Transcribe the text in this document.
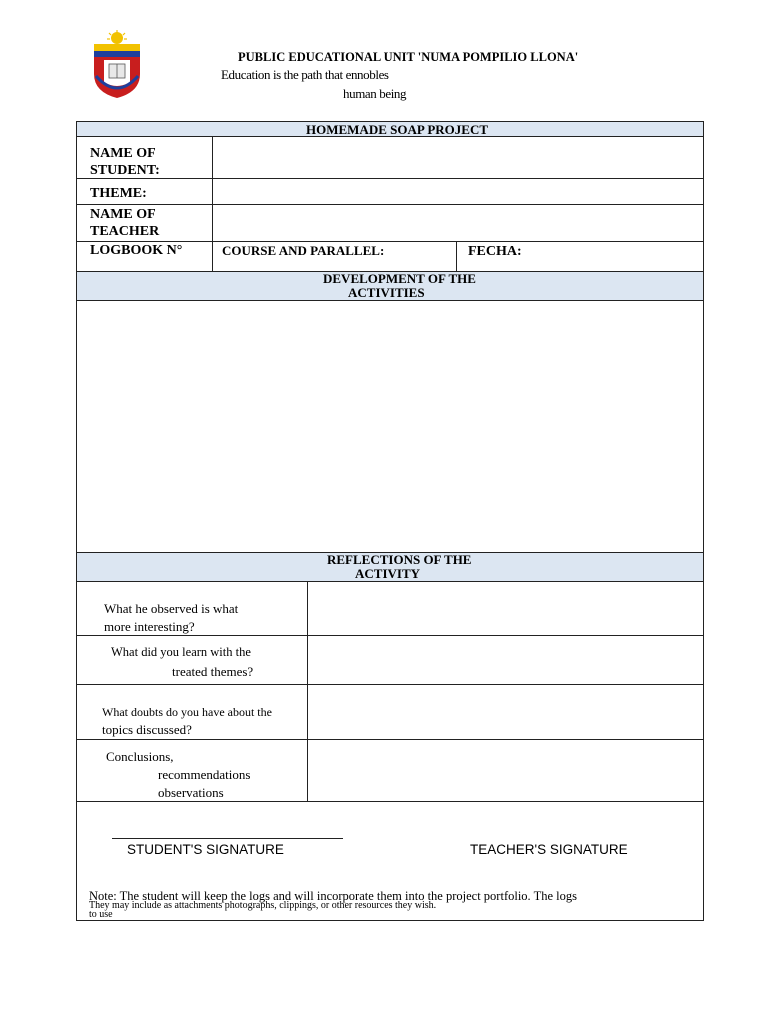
PUBLIC EDUCATIONAL UNIT 'NUMA POMPILIO LLONA'
Education is the path that ennobles
human being
HOMEMADE SOAP PROJECT
NAME OF
STUDENT:
THEME:
NAME OF
TEACHER
LOGBOOK N°	COURSE AND PARALLEL:	FECHA:
DEVELOPMENT OF THE
ACTIVITIES
REFLECTIONS OF THE
ACTIVITY
What he observed is what
more interesting?
What did you learn with the
treated themes?
What doubts do you have about the
topics discussed?
Conclusions,
recommendations
observations
STUDENT'S SIGNATURE	TEACHER'S SIGNATURE
Note: The student will keep the logs and will incorporate them into the project portfolio. The logs
They may include as attachments photographs, clippings, or other resources they wish.
to use
